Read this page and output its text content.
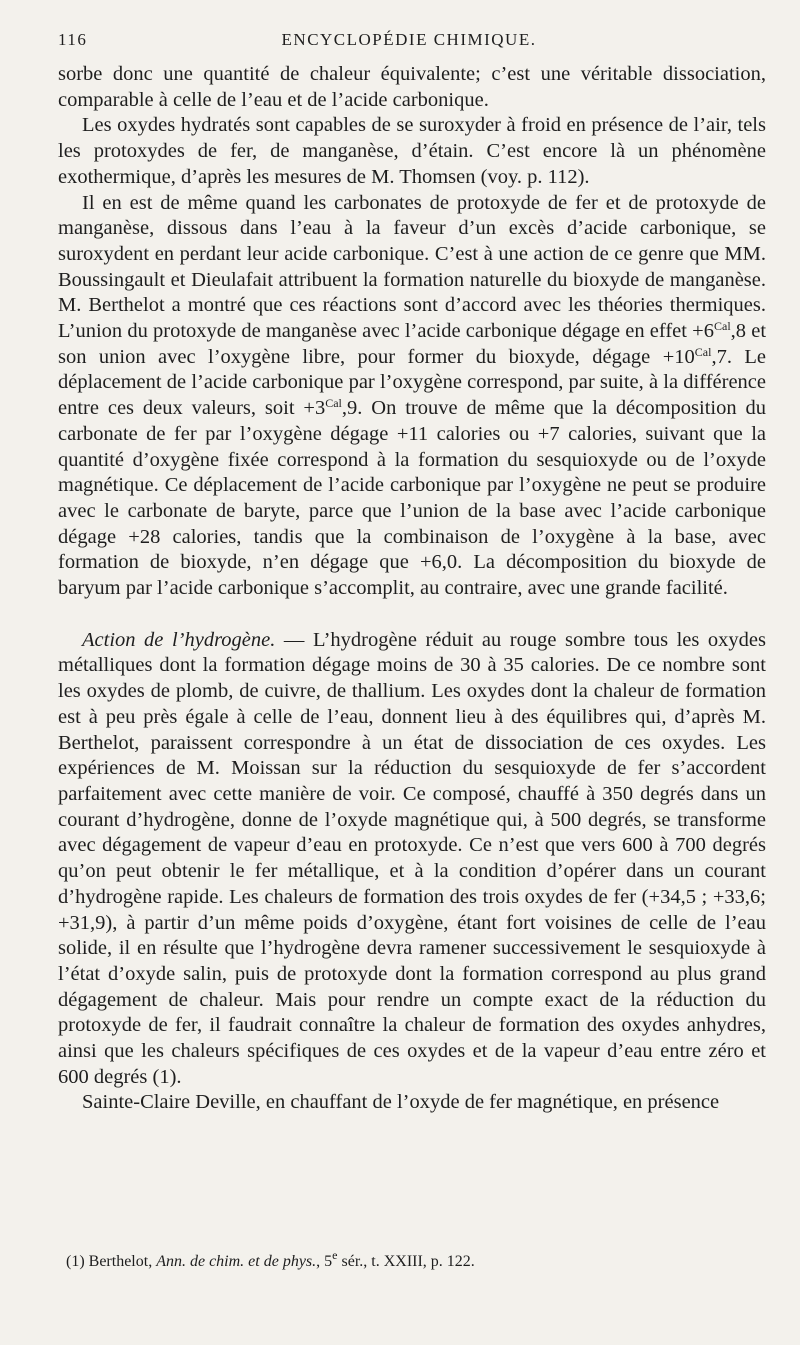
116	ENCYCLOPÉDIE CHIMIQUE.

sorbe donc une quantité de chaleur équivalente; c’est une véritable dissociation, comparable à celle de l’eau et de l’acide carbonique.

Les oxydes hydratés sont capables de se suroxyder à froid en présence de l’air, tels les protoxydes de fer, de manganèse, d’étain. C’est encore là un phénomène exothermique, d’après les mesures de M. Thomsen (voy. p. 112).

Il en est de même quand les carbonates de protoxyde de fer et de protoxyde de manganèse, dissous dans l’eau à la faveur d’un excès d’acide carbonique, se suroxydent en perdant leur acide carbonique. C’est à une action de ce genre que MM. Boussingault et Dieulafait attribuent la formation naturelle du bioxyde de manganèse. M. Berthelot a montré que ces réactions sont d’accord avec les théories thermiques. L’union du protoxyde de manganèse avec l’acide carbonique dégage en effet $+6^{Cal},8$ et son union avec l’oxygène libre, pour former du bioxyde, dégage $+10^{Cal},7$. Le déplacement de l’acide carbonique par l’oxygène correspond, par suite, à la différence entre ces deux valeurs, soit $+3^{Cal},9$. On trouve de même que la décomposition du carbonate de fer par l’oxygène dégage +11 calories ou +7 calories, suivant que la quantité d’oxygène fixée correspond à la formation du sesquioxyde ou de l’oxyde magnétique. Ce déplacement de l’acide carbonique par l’oxygène ne peut se produire avec le carbonate de baryte, parce que l’union de la base avec l’acide carbonique dégage +28 calories, tandis que la combinaison de l’oxygène à la base, avec formation de bioxyde, n’en dégage que +6,0. La décomposition du bioxyde de baryum par l’acide carbonique s’accomplit, au contraire, avec une grande facilité.

Action de l’hydrogène. — L’hydrogène réduit au rouge sombre tous les oxydes métalliques dont la formation dégage moins de 30 à 35 calories. De ce nombre sont les oxydes de plomb, de cuivre, de thallium. Les oxydes dont la chaleur de formation est à peu près égale à celle de l’eau, donnent lieu à des équilibres qui, d’après M. Berthelot, paraissent correspondre à un état de dissociation de ces oxydes. Les expériences de M. Moissan sur la réduction du sesquioxyde de fer s’accordent parfaitement avec cette manière de voir. Ce composé, chauffé à 350 degrés dans un courant d’hydrogène, donne de l’oxyde magnétique qui, à 500 degrés, se transforme avec dégagement de vapeur d’eau en protoxyde. Ce n’est que vers 600 à 700 degrés qu’on peut obtenir le fer métallique, et à la condition d’opérer dans un courant d’hydrogène rapide. Les chaleurs de formation des trois oxydes de fer (+34,5 ; +33,6; +31,9), à partir d’un même poids d’oxygène, étant fort voisines de celle de l’eau solide, il en résulte que l’hydrogène devra ramener successivement le sesquioxyde à l’état d’oxyde salin, puis de protoxyde dont la formation correspond au plus grand dégagement de chaleur. Mais pour rendre un compte exact de la réduction du protoxyde de fer, il faudrait connaître la chaleur de formation des oxydes anhydres, ainsi que les chaleurs spécifiques de ces oxydes et de la vapeur d’eau entre zéro et 600 degrés (1).

Sainte-Claire Deville, en chauffant de l’oxyde de fer magnétique, en présence

(1) Berthelot, Ann. de chim. et de phys., 5e sér., t. XXIII, p. 122.
